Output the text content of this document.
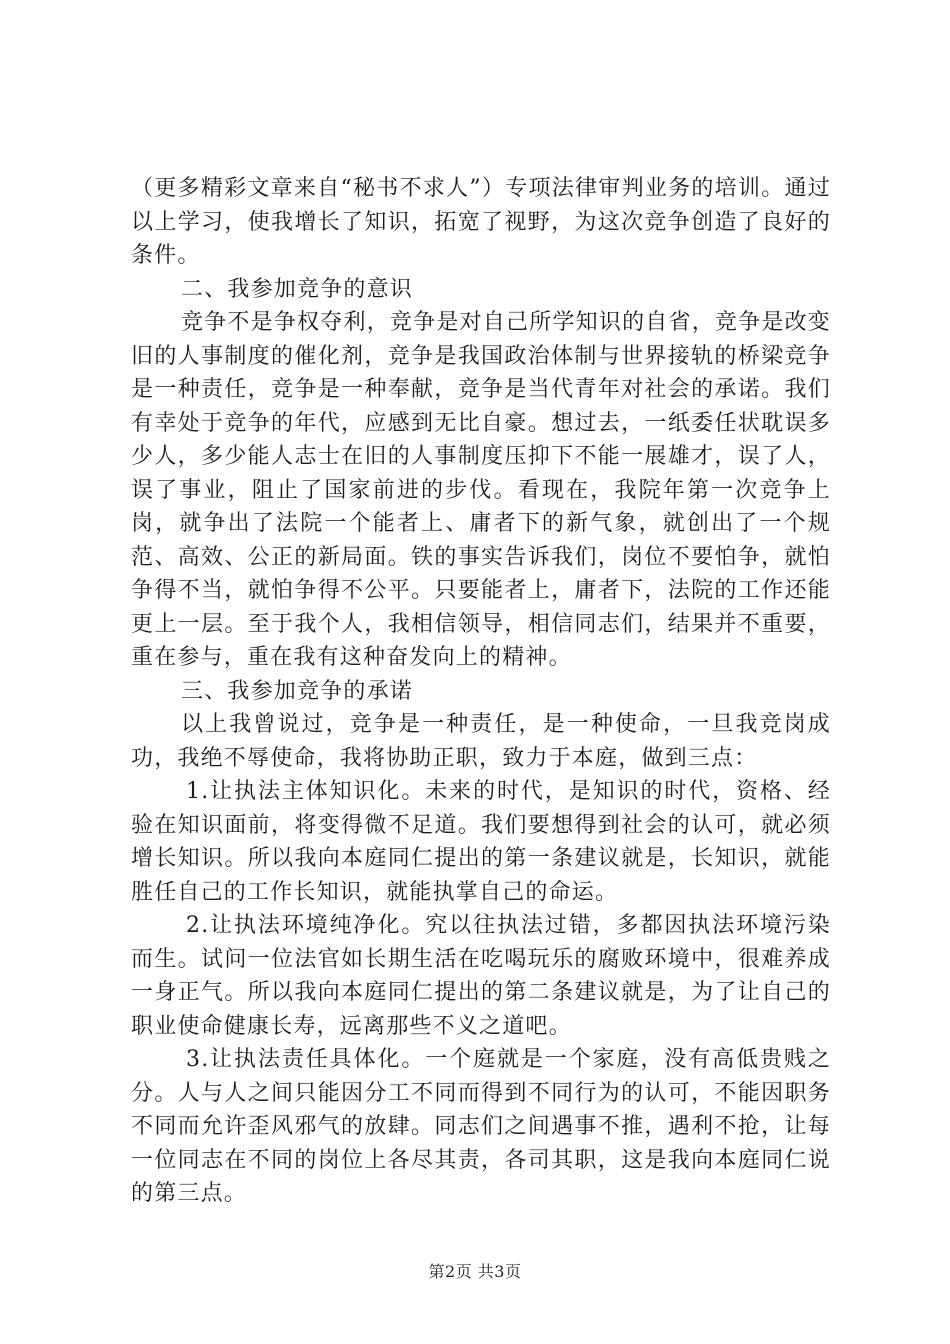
（更多精彩文章来自“秘书不求人”）专项法律审判业务的培训。通过以上学习，使我增长了知识，拓宽了视野，为这次竞争创造了良好的条件。

二、我参加竞争的意识

竞争不是争权夺利，竞争是对自己所学知识的自省，竞争是改变旧的人事制度的催化剂，竞争是我国政治体制与世界接轨的桥梁竞争是一种责任，竞争是一种奉献，竞争是当代青年对社会的承诺。我们有幸处于竞争的年代，应感到无比自豪。想过去，一纸委任状耽误多少人，多少能人志士在旧的人事制度压抑下不能一展雄才，误了人，误了事业，阻止了国家前进的步伐。看现在，我院年第一次竞争上岗，就争出了法院一个能者上、庸者下的新气象，就创出了一个规范、高效、公正的新局面。铁的事实告诉我们，岗位不要怕争，就怕争得不当，就怕争得不公平。只要能者上，庸者下，法院的工作还能更上一层。至于我个人，我相信领导，相信同志们，结果并不重要，重在参与，重在我有这种奋发向上的精神。

三、我参加竞争的承诺

以上我曾说过，竞争是一种责任，是一种使命，一旦我竞岗成功，我绝不辱使命，我将协助正职，致力于本庭，做到三点：

1.让执法主体知识化。未来的时代，是知识的时代，资格、经验在知识面前，将变得微不足道。我们要想得到社会的认可，就必须增长知识。所以我向本庭同仁提出的第一条建议就是，长知识，就能胜任自己的工作长知识，就能执掌自己的命运。

2.让执法环境纯净化。究以往执法过错，多都因执法环境污染而生。试问一位法官如长期生活在吃喝玩乐的腐败环境中，很难养成一身正气。所以我向本庭同仁提出的第二条建议就是，为了让自己的职业使命健康长寿，远离那些不义之道吧。

3.让执法责任具体化。一个庭就是一个家庭，没有高低贵贱之分。人与人之间只能因分工不同而得到不同行为的认可，不能因职务不同而允许歪风邪气的放肆。同志们之间遇事不推，遇利不抢，让每一位同志在不同的岗位上各尽其责，各司其职，这是我向本庭同仁说的第三点。

第2页 共3页
